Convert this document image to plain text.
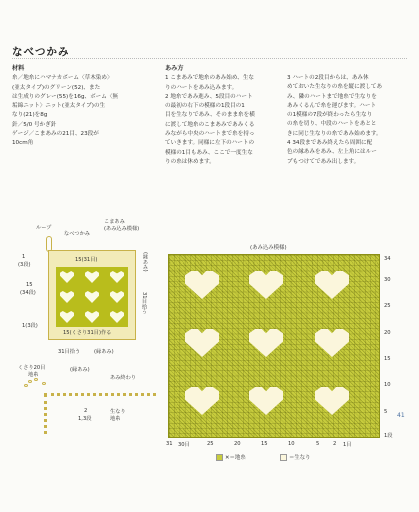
なべつかみ

材料

糸／地糸にハマナカボーム〈草木染め〉

(並太タイプ)のグリーン(52)、また

は生成りのグレー(55)を16g、ボーム〈無

垢綿ニット〉ニット(並太タイプ)の生

なり(21)を8g

針／5/0 号かぎ針

ゲージ／こまあみの21目、23段が

10cm角

あみ方

1 こまあみで地糸のあみ始め、生な

りのハートをあみ込みます。

2 地糸であみ進み、5段目のハート

の最初の右下の模様の1段目の1

目を生なりであみ、そのまま糸を横

に渡して地糸のこまあみであみくる

みながら中央のハートまで糸を持っ

ていきます。同様に左下のハートの

模様の1目もあみ、ここで一度生な

りの糸は休めます。

3 ハートの2段目からは、あみ休

めておいた生なりの糸を縦に渡してあ

み、隣のハートまで地糸で生なりを

あみくるんで糸を運びます。ハート

の1模様の7段が終わったら生なり

の糸を切り、中段のハートをあとと

きに同じ生なりの糸であみ始めます。

4 34段まであみ終えたら周囲に配

色の縁あみをあみ、左上角にはルー

プもつけてであみ出します。

ループ
なべつかみ
こまあみ
(あみ込み模様)
(縁あみ)
15(31目)
15(くさり31目)作る
1
(3段)
15
(34段)	31目拾う
1(3段)
31目拾う	(縁あみ)
くさり20目
地糸
(縁あみ)
あみ終わり
2	生なり
1,3段	地糸
(あみ込み模様)
34
30
25
20
15
10
5
1段
31 30目	25	20	15	10	5	2 1目
✕＝地糸	＝生なり
41
